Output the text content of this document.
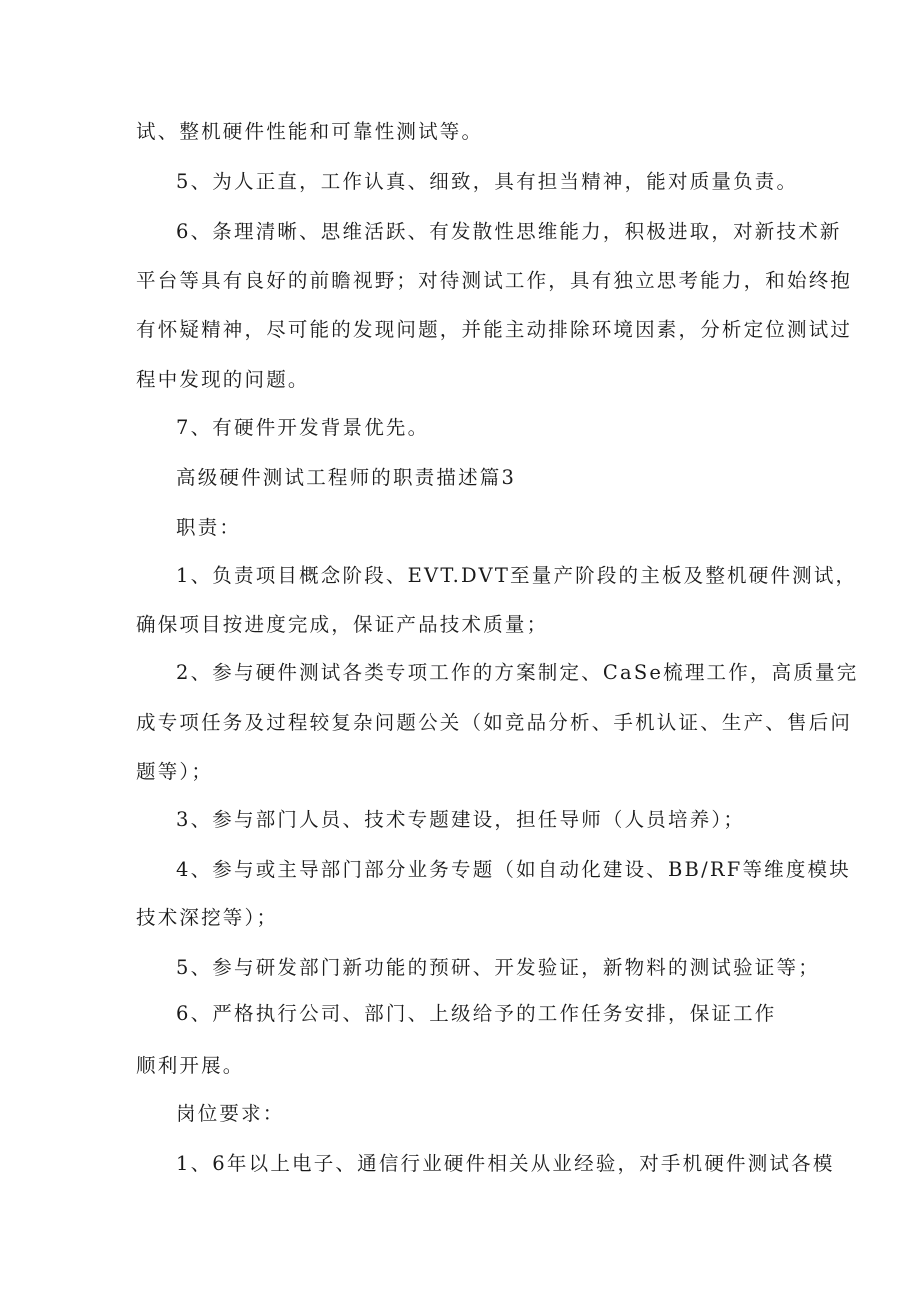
试、整机硬件性能和可靠性测试等。
5、为人正直，工作认真、细致，具有担当精神，能对质量负责。
6、条理清晰、思维活跃、有发散性思维能力，积极进取，对新技术新
平台等具有良好的前瞻视野；对待测试工作，具有独立思考能力，和始终抱
有怀疑精神，尽可能的发现问题，并能主动排除环境因素，分析定位测试过
程中发现的问题。
7、有硬件开发背景优先。
高级硬件测试工程师的职责描述篇3
职责：
1、负责项目概念阶段、EVT.DVT至量产阶段的主板及整机硬件测试，
确保项目按进度完成，保证产品技术质量；
2、参与硬件测试各类专项工作的方案制定、CaSe梳理工作，高质量完
成专项任务及过程较复杂问题公关（如竞品分析、手机认证、生产、售后问
题等）；
3、参与部门人员、技术专题建设，担任导师（人员培养）；
4、参与或主导部门部分业务专题（如自动化建设、BB/RF等维度模块
技术深挖等）；
5、参与研发部门新功能的预研、开发验证，新物料的测试验证等；
6、严格执行公司、部门、上级给予的工作任务安排，保证工作
顺利开展。
岗位要求：
1、6年以上电子、通信行业硬件相关从业经验，对手机硬件测试各模
